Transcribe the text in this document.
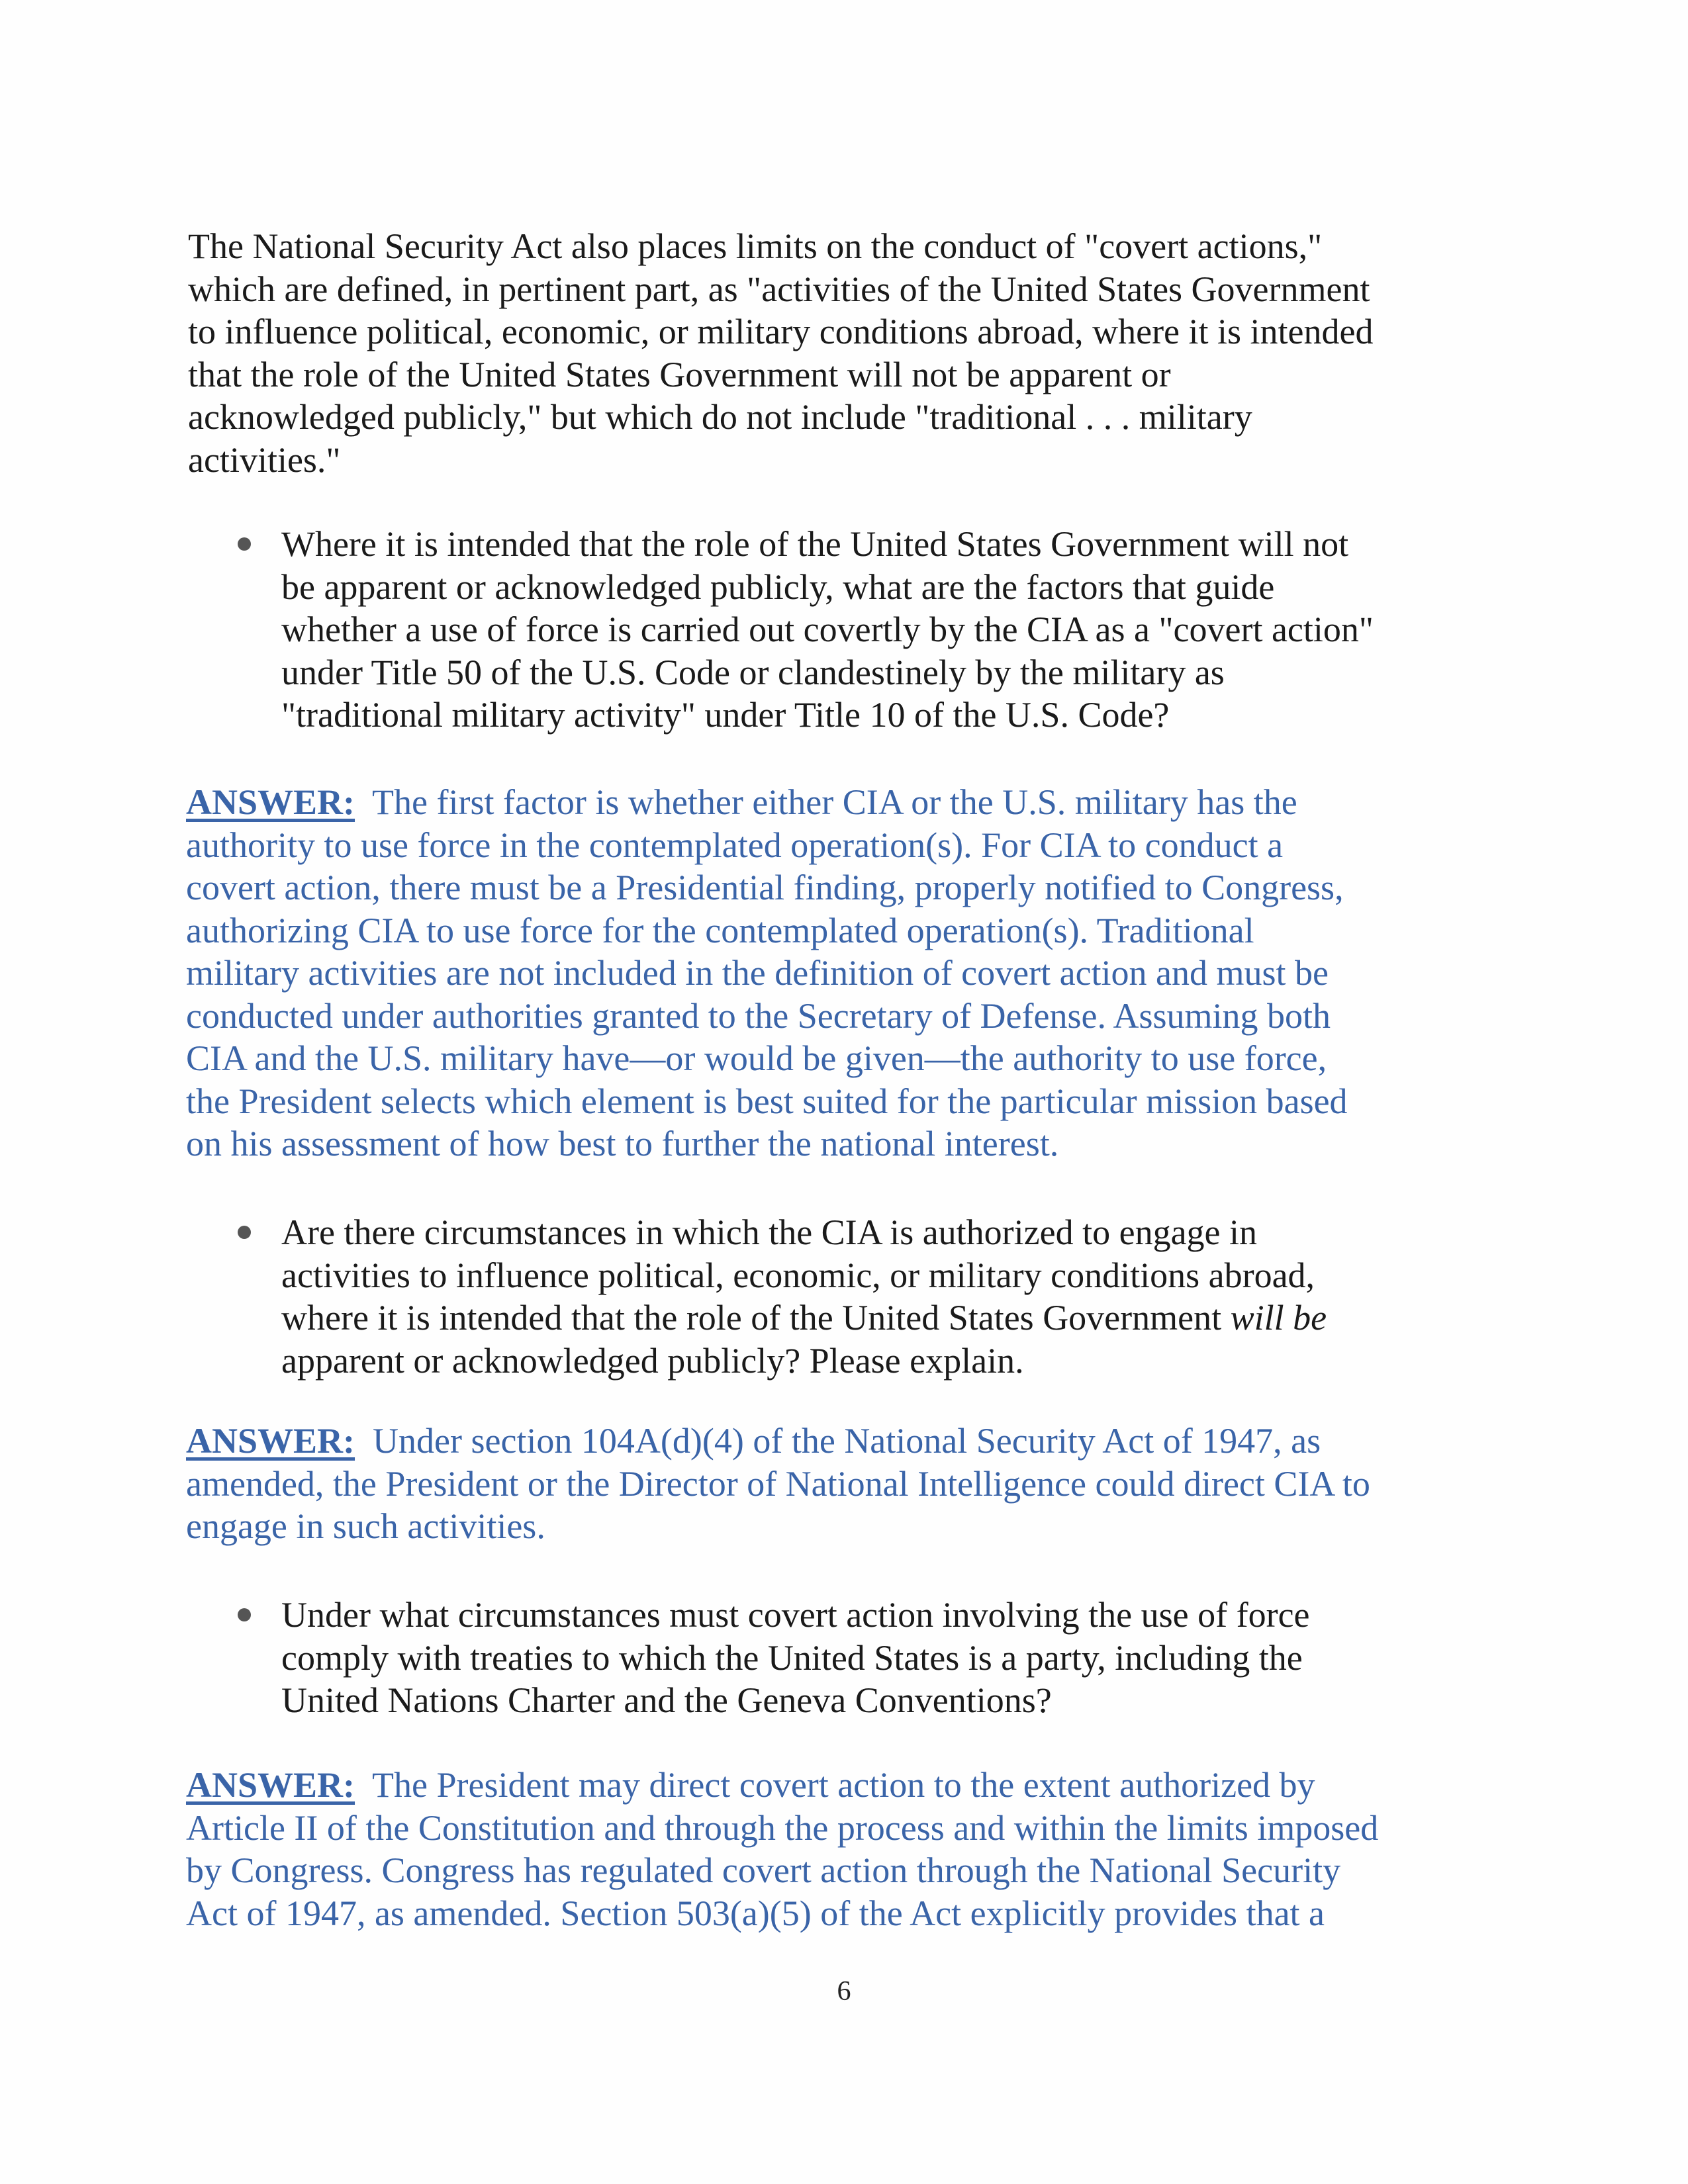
The National Security Act also places limits on the conduct of "covert actions,"
which are defined, in pertinent part, as "activities of the United States Government
to influence political, economic, or military conditions abroad, where it is intended
that the role of the United States Government will not be apparent or
acknowledged publicly," but which do not include "traditional . . . military
activities."
Where it is intended that the role of the United States Government will not
be apparent or acknowledged publicly, what are the factors that guide
whether a use of force is carried out covertly by the CIA as a "covert action"
under Title 50 of the U.S. Code or clandestinely by the military as
"traditional military activity" under Title 10 of the U.S. Code?
ANSWER:  The first factor is whether either CIA or the U.S. military has the
authority to use force in the contemplated operation(s). For CIA to conduct a
covert action, there must be a Presidential finding, properly notified to Congress,
authorizing CIA to use force for the contemplated operation(s). Traditional
military activities are not included in the definition of covert action and must be
conducted under authorities granted to the Secretary of Defense. Assuming both
CIA and the U.S. military have—or would be given—the authority to use force,
the President selects which element is best suited for the particular mission based
on his assessment of how best to further the national interest.
Are there circumstances in which the CIA is authorized to engage in
activities to influence political, economic, or military conditions abroad,
where it is intended that the role of the United States Government will be
apparent or acknowledged publicly? Please explain.
ANSWER:  Under section 104A(d)(4) of the National Security Act of 1947, as
amended, the President or the Director of National Intelligence could direct CIA to
engage in such activities.
Under what circumstances must covert action involving the use of force
comply with treaties to which the United States is a party, including the
United Nations Charter and the Geneva Conventions?
ANSWER:  The President may direct covert action to the extent authorized by
Article II of the Constitution and through the process and within the limits imposed
by Congress. Congress has regulated covert action through the National Security
Act of 1947, as amended. Section 503(a)(5) of the Act explicitly provides that a
6
